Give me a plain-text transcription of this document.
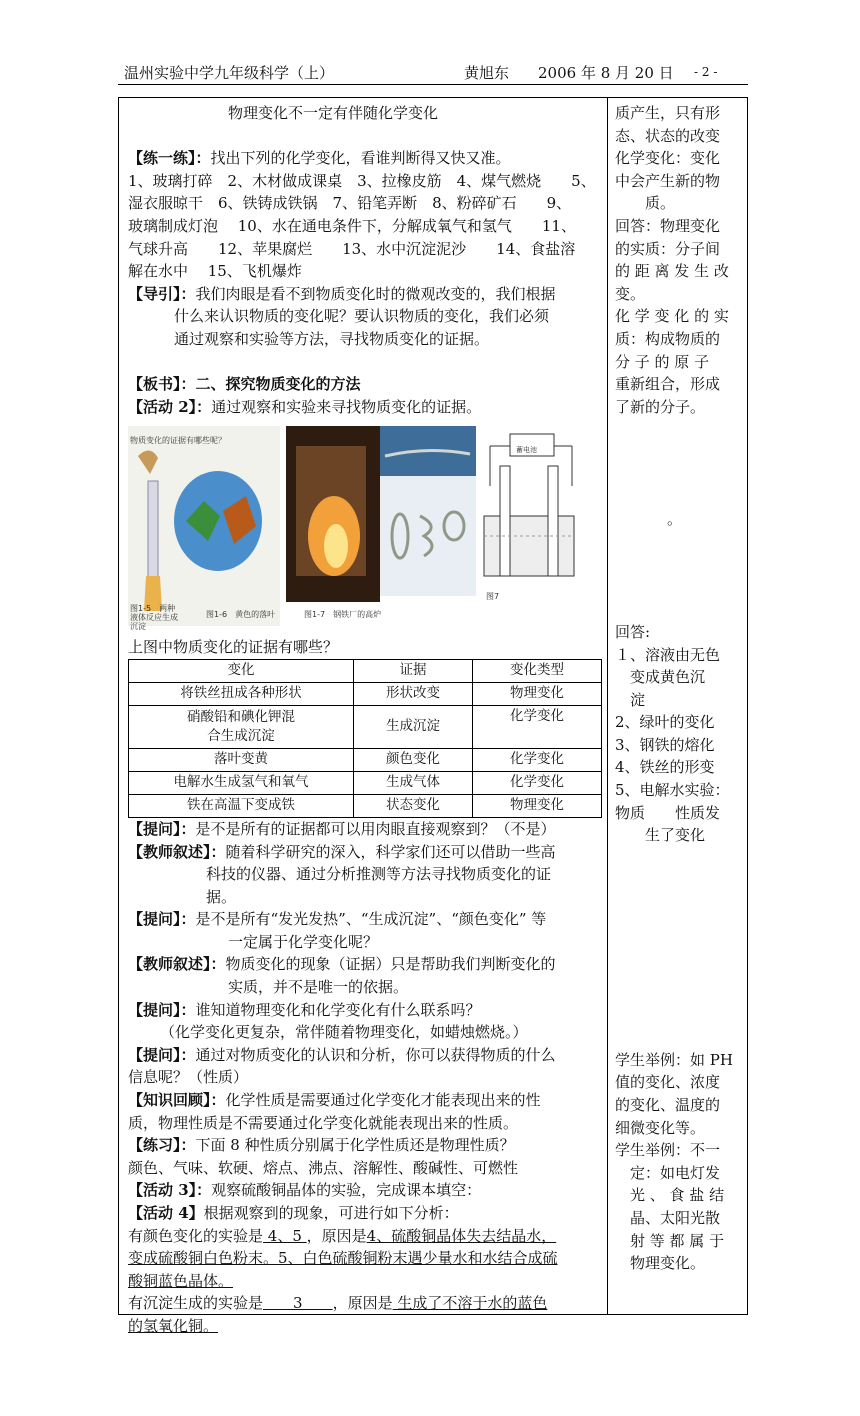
温州实验中学九年级科学（上）	黄旭东 2006 年 8 月 20 日 - 2 -

物理变化不一定有伴随化学变化

【练一练】：找出下列的化学变化，看谁判断得又快又准。

1、玻璃打碎　2、木材做成课桌　3、拉橡皮筋　4、煤气燃烧　　5、

湿衣服晾干　6、铁铸成铁锅　7、铅笔弄断　8、粉碎矿石　　9、

玻璃制成灯泡　 10、水在通电条件下，分解成氧气和氢气　　11、

气球升高　　12、苹果腐烂　　13、水中沉淀泥沙　　14、食盐溶

解在水中　 15、飞机爆炸

【导引】：我们肉眼是看不到物质变化时的微观改变的，我们根据

什么来认识物质的变化呢？要认识物质的变化，我们必须

通过观察和实验等方法，寻找物质变化的证据。

【板书】：二、探究物质变化的方法

【活动 2】：通过观察和实验来寻找物质变化的证据。

物质变化的证据有哪些呢？
图1-5　两种液体反应生成沉淀
图1-6　黄色的落叶	图1-7　钢铁厂的高炉
蓄电池
图7

上图中物质变化的证据有哪些？

变化	证据	变化类型
将铁丝扭成各种形状	形状改变	物理变化
硝酸铅和碘化钾混
合生成沉淀	生成沉淀	化学变化
落叶变黄	颜色变化	化学变化
电解水生成氢气和氧气	生成气体	化学变化
铁在高温下变成铁	状态变化	物理变化

【提问】：是不是所有的证据都可以用肉眼直接观察到？（不是）

【教师叙述】：随着科学研究的深入，科学家们还可以借助一些高

科技的仪器、通过分析推测等方法寻找物质变化的证

据。

【提问】：是不是所有“发光发热”、“生成沉淀”、“颜色变化” 等

一定属于化学变化呢？

【教师叙述】：物质变化的现象（证据）只是帮助我们判断变化的

实质，并不是唯一的依据。

【提问】：谁知道物理变化和化学变化有什么联系吗？

（化学变化更复杂，常伴随着物理变化，如蜡烛燃烧。）

【提问】：通过对物质变化的认识和分析，你可以获得物质的什么

信息呢？（性质）

【知识回顾】：化学性质是需要通过化学变化才能表现出来的性

质，物理性质是不需要通过化学变化就能表现出来的性质。

【练习】：下面 8 种性质分别属于化学性质还是物理性质？

颜色、气味、软硬、熔点、沸点、溶解性、酸碱性、可燃性

【活动 3】：观察硫酸铜晶体的实验，完成课本填空：

【活动 4】根据观察到的现象，可进行如下分析：

有颜色变化的实验是 4、5 ，原因是4、硫酸铜晶体失去结晶水，

变成硫酸铜白色粉末。5、白色硫酸铜粉末遇少量水和水结合成硫

酸铜蓝色晶体。

有沉淀生成的实验是　　3　　，原因是 生成了不溶于水的蓝色

的氢氧化铜。

质产生，只有形

态、状态的改变

化学变化：变化

中会产生新的物

　　质。

回答：物理变化

的实质：分子间

的 距 离 发 生 改

变。

化 学 变 化 的 实

质：构成物质的

分 子 的 原 子

重新组合，形成

了新的分子。

。

回答:

１、溶液由无色

　变成黄色沉

　淀

2、绿叶的变化

3、钢铁的熔化

4、铁丝的形变

5、电解水实验：

物质　　性质发

　　生了变化

学生举例：如 PH

值的变化、浓度

的变化、温度的

细微变化等。

学生举例：不一

　定：如电灯发

　光 、 食 盐 结

　晶、太阳光散

　射 等 都 属 于

　物理变化。
